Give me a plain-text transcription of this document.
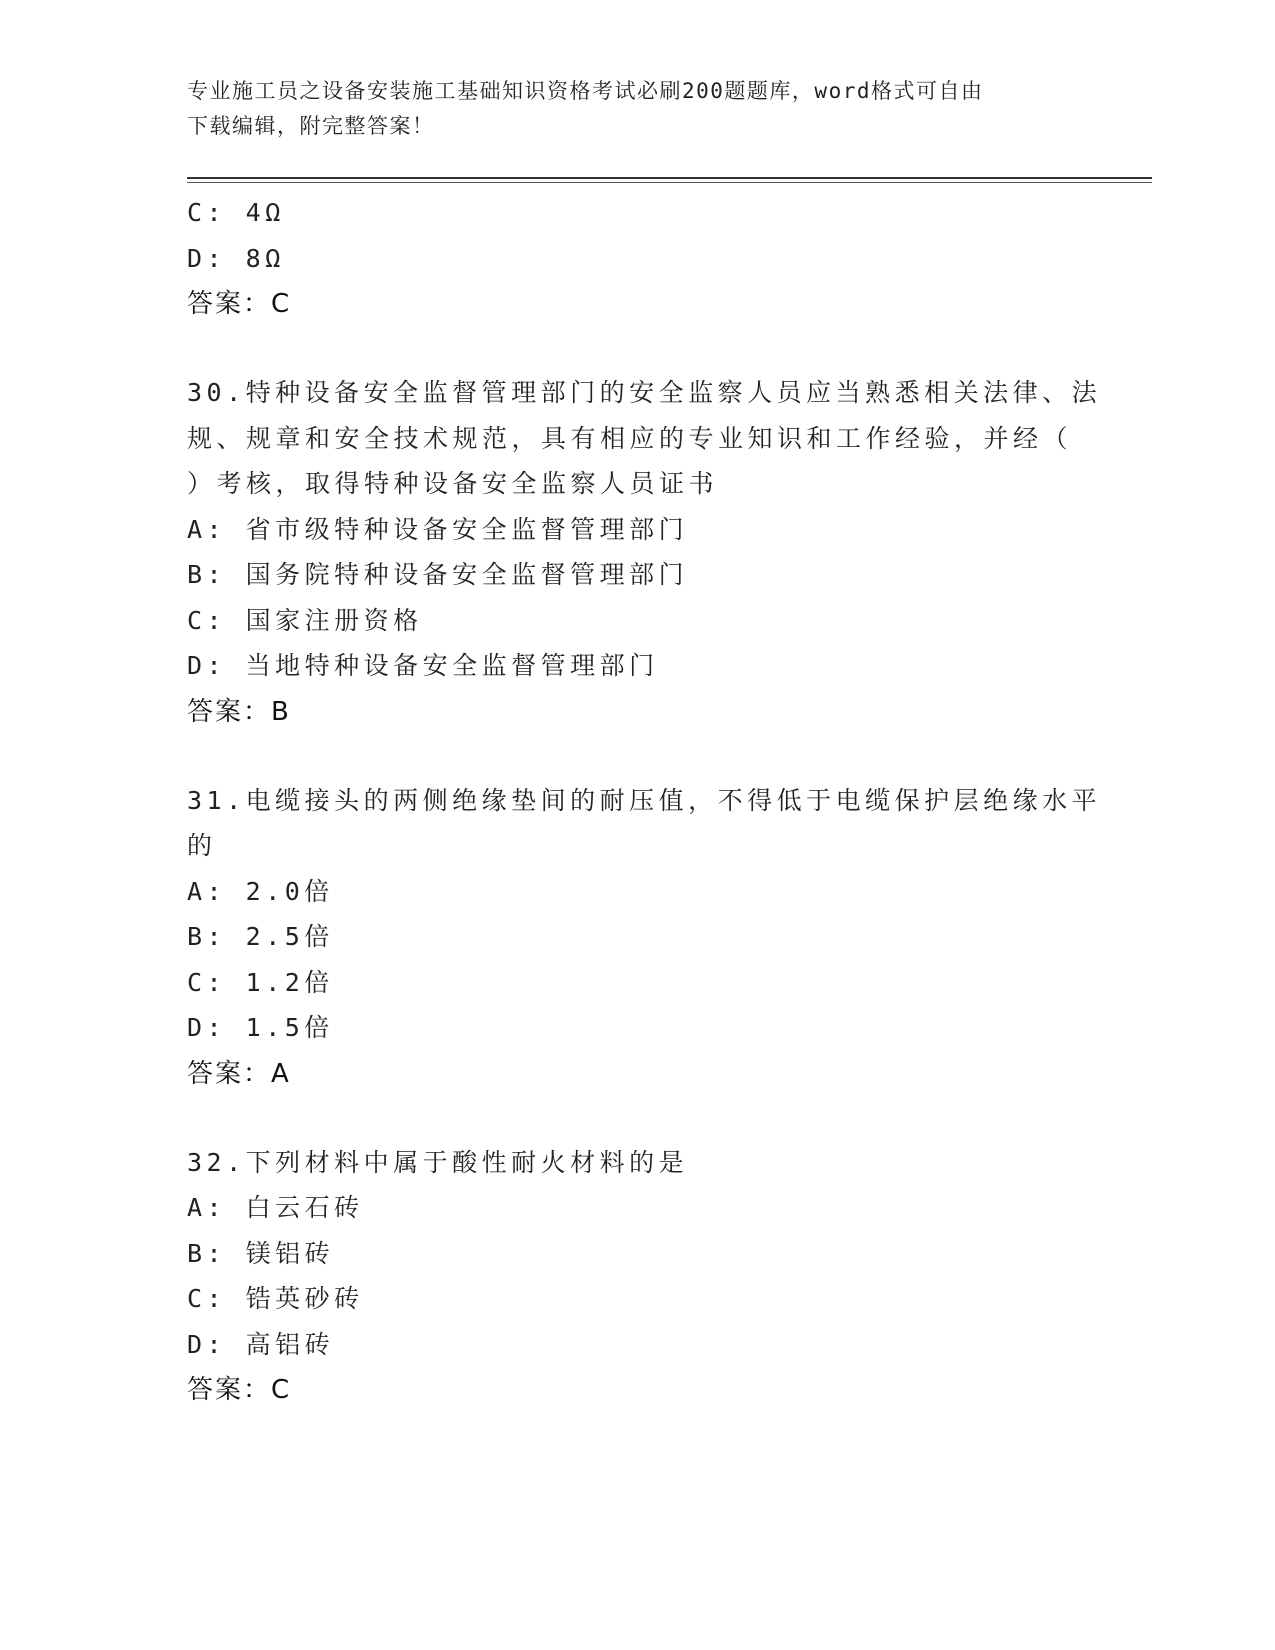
专业施工员之设备安装施工基础知识资格考试必刷200题题库，word格式可自由
下载编辑，附完整答案！
C: 4Ω
D: 8Ω
答案：C
30.特种设备安全监督管理部门的安全监察人员应当熟悉相关法律、法
规、规章和安全技术规范，具有相应的专业知识和工作经验，并经（
）考核，取得特种设备安全监察人员证书
A: 省市级特种设备安全监督管理部门
B: 国务院特种设备安全监督管理部门
C: 国家注册资格
D: 当地特种设备安全监督管理部门
答案：B
31.电缆接头的两侧绝缘垫间的耐压值，不得低于电缆保护层绝缘水平
的
A: 2.0倍
B: 2.5倍
C: 1.2倍
D: 1.5倍
答案：A
32.下列材料中属于酸性耐火材料的是
A: 白云石砖
B: 镁铝砖
C: 锆英砂砖
D: 高铝砖
答案：C
